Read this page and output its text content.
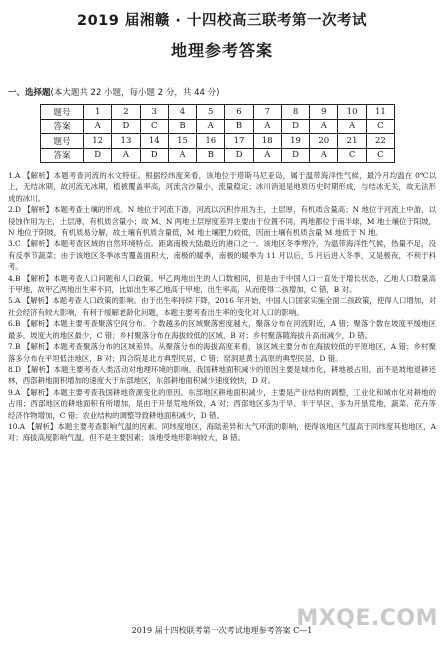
2019 届湘赣 · 十四校高三联考第一次考试
地理参考答案
一、选择题(本大题共 22 小题，每小题 2 分，共 44 分)
题号	1	2	3	4	5	6	7	8	9	10	11
答案	A	D	C	B	A	B	A	D	A	A	C
题号	12	13	14	15	16	17	18	19	20	21	22
答案	D	A	D	A	B	D	A	D	A	C	C

1.A 【解析】本题考查河流的水文特征。根据经纬度来看，该地位于塔斯马尼亚岛，属于温带海洋性气候，最冷月均温在 0℃以上，无结冰期，故河流无冰期，植被覆盖率高，河流含沙量小，流量稳定；冰川消退是地质历史时期形成，与结冰无关，故无法形成的冰川。

2.D 【解析】本题考查土壤的形成。N 地位于河流下游，河流以沉积作用为主，土层厚，有机质含量高；N 地位于河流上中游，以侵蚀作用为主，土层薄，有机质含量小；故 M、N 两地土层厚度差异主要由于位置不同，两地都位于南半球，M 地土壤位于阳坡，N 地位于阴坡，有机质易分解，故土壤有机质含量低，M 地土壤肥力较低，因而土壤有机质含量 M 地低于 N 地。

3.C 【解析】本题考查区域的自然环境特点。距离南极大陆最近的港口之一。该地区冬季寒冷，为温带海洋性气候，热量不足，没有反季节蔬菜；由于该地区冬季冰雪覆盖面积大，南极的暖季，南极的暖季为 11 月以后，5 月后进入冬季，又是极夜，不利于科考。

4.B 【解析】本题考查人口问题和人口政策。甲乙两地出生的人口数相同，但是由于中国人口一直处于增长状态，乙地人口数量高于甲地，故甲乙两地出生率不同，比如出生率乙地高于甲地，出生率高，从而使得二孩增加，C 错，B 对。

5.A 【解析】本题考查人口政策的影响。由于出生率持续下降，2016 年开始，中国人口国家实施全面二孩政策，使得人口增加，对社会经济有较大影响，有利于缓解老龄化问题，本题主要考查出生率的变化对人口的影响。

6.B 【解析】本题主要考查聚落空间分布。个数越多的区域聚落密度越大，聚落分布在河流附近，A 错；聚落个数在坡度平缓地区最多，坡度大的地区最少，C 错；乡村聚落分布在海拔较低的区域，B 对；乡村聚落随海拔升高而减少，D 错。

7.B 【解析】本题考查聚落分布的区域差异。从聚落分布的海拔高度来看，该区域主要分布在海拔较低的平原地区，A 错；乡村聚落多分布在平坦低洼地区，B 对；四合院是北方典型民居，C 错；窑洞是黄土高原的典型民居，D 错。

8.D 【解析】本题主要考查人类活动对地理环境的影响。我国耕地面积减少的原因主要是城市化，耕地被占用，而不是坡地退耕还林，西部耕地面积增加的速度大于东部地区，东部耕地面积减少速度较快，D 对。

9.A 【解析】本题主要考查我国耕地资源变化的原因。东部地区耕地面积减少，主要是产业结构的调整，工业化和城市化对耕地的占用；西部地区的耕地面积有所增加，是由于开垦荒地所致，A 对；西部地区多为干旱、半干旱区，多为开垦荒地，蔬菜、花卉等经济作物增加，C 错；农业结构的调整导致耕地面积减少，D 错。

10.A 【解析】本题主要考查影响气温的因素。同纬度地区，海陆差异和大气环流的影响，使得该地区气温高于同纬度其他地区，A 对；海拔高度影响气温，但不是主要因素；该地受地形影响较大，B 错。

MXQE.COM
2019 届十四校联考第一次考试地理参考答案 C—1
